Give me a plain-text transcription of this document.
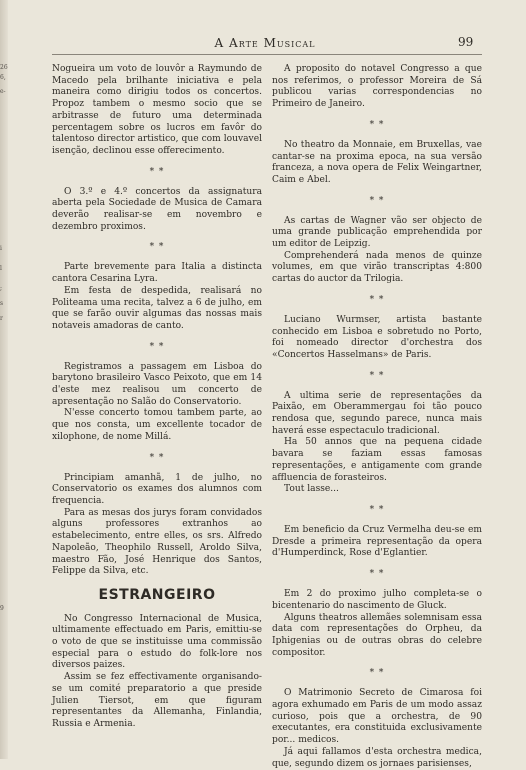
26
6,
e-
i
l
;
s
r
9
A Arte Musical	99

Nogueira um voto de louvôr a Raymundo de Macedo pela brilhante iniciativa e pela maneira como dirigiu todos os concertos. Propoz tambem o mesmo socio que se arbitrasse de futuro uma determinada percentagem sobre os lucros em favôr do talentoso director artistico, que com louvavel isenção, declinou esse offerecimento.

* *

O 3.º e 4.º concertos da assignatura aberta pela Sociedade de Musica de Camara deverão realisar-se em novembro e dezembro proximos.

* *

Parte brevemente para Italia a distincta cantora Cesarina Lyra.

Em festa de despedida, realisará no Politeama uma recita, talvez a 6 de julho, em que se farão ouvir algumas das nossas mais notaveis amadoras de canto.

* *

Registramos a passagem em Lisboa do barytono brasileiro Vasco Peixoto, que em 14 d'este mez realisou um concerto de apresentação no Salão do Conservatorio.

N'esse concerto tomou tambem parte, ao que nos consta, um excellente tocador de xilophone, de nome Millá.

* *

Principiam amanhã, 1 de julho, no Conservatorio os exames dos alumnos com frequencia.

Para as mesas dos jurys foram convidados alguns professores extranhos ao estabelecimento, entre elles, os srs. Alfredo Napoleão, Theophilo Russell, Aroldo Silva, maestro Fão, José Henrique dos Santos, Felippe da Silva, etc.

ESTRANGEIRO

No Congresso Internacional de Musica, ultimamente effectuado em Paris, emittiu-se o voto de que se instituisse uma commissão especial para o estudo do folk-lore nos diversos paizes.

Assim se fez effectivamente organisando-se um comité preparatorio a que preside Julien Tiersot, em que figuram representantes da Allemanha, Finlandia, Russia e Armenia.

A proposito do notavel Congresso a que nos referimos, o professor Moreira de Sá publicou varias correspondencias no Primeiro de Janeiro.

* *

No theatro da Monnaie, em Bruxellas, vae cantar-se na proxima epoca, na sua versão franceza, a nova opera de Felix Weingartner, Caim e Abel.

* *

As cartas de Wagner vão ser objecto de uma grande publicação emprehendida por um editor de Leipzig.

Comprehenderá nada menos de quinze volumes, em que virão transcriptas 4:800 cartas do auctor da Trilogia.

* *

Luciano Wurmser, artista bastante conhecido em Lisboa e sobretudo no Porto, foi nomeado director d'orchestra dos «Concertos Hasselmans» de Paris.

* *

A ultima serie de representações da Paixão, em Oberammergau foi tão pouco rendosa que, segundo parece, nunca mais haverá esse espectaculo tradicional.

Ha 50 annos que na pequena cidade bavara se faziam essas famosas representações, e antigamente com grande affluencia de forasteiros.

Tout lasse...

* *

Em beneficio da Cruz Vermelha deu-se em Dresde a primeira representação da opera d'Humperdinck, Rose d'Eglantier.

* *

Em 2 do proximo julho completa-se o bicentenario do nascimento de Gluck.

Alguns theatros allemães solemnisam essa data com representações do Orpheu, da Iphigenias ou de outras obras do celebre compositor.

* *

O Matrimonio Secreto de Cimarosa foi agora exhumado em Paris de um modo assaz curioso, pois que a orchestra, de 90 executantes, era constituida exclusivamente por... medicos.

Já aqui fallamos d'esta orchestra medica, que, segundo dizem os jornaes parisienses,
